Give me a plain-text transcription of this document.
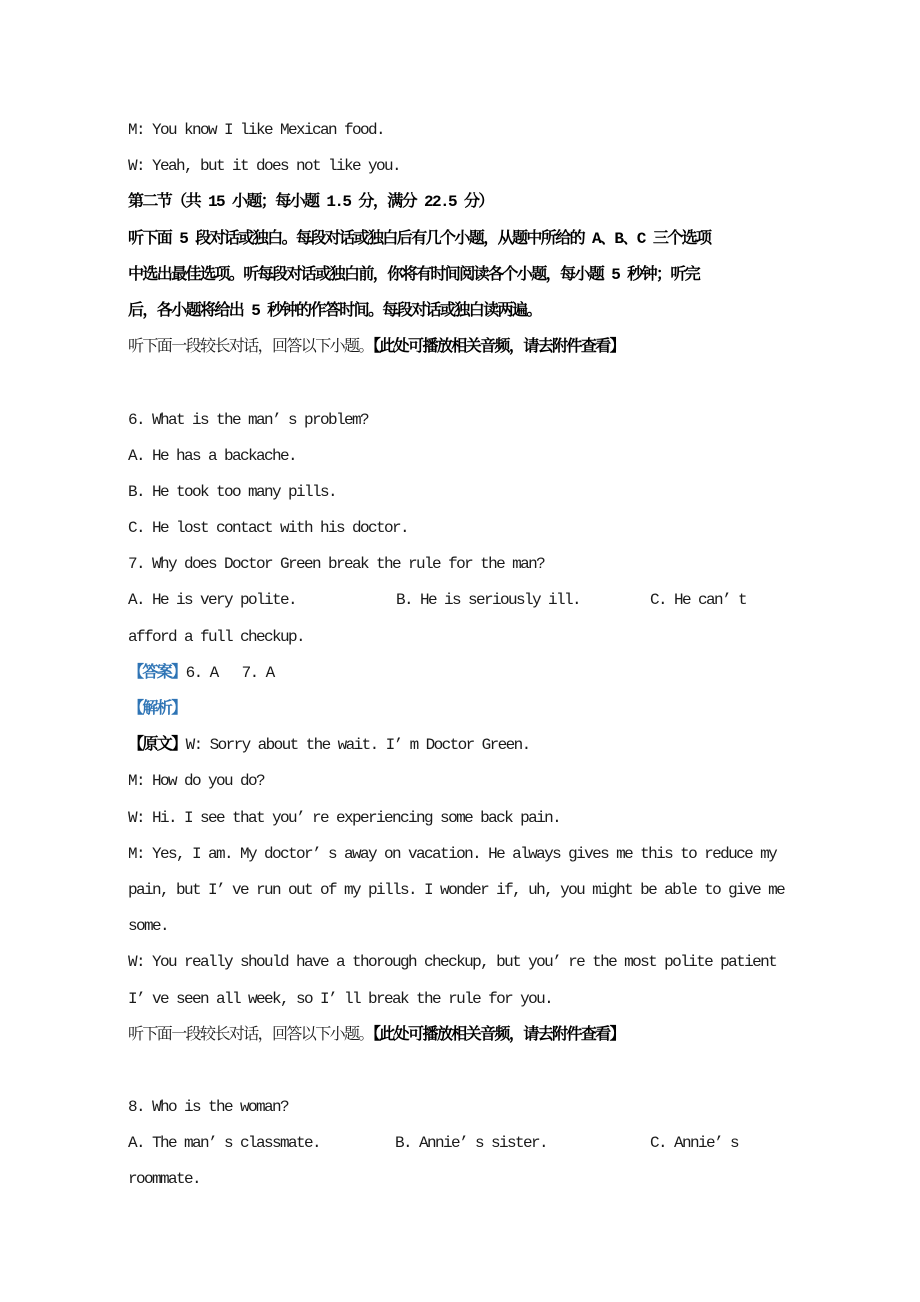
M: You know I like Mexican food.
W: Yeah, but it does not like you.
第二节（共 15 小题；每小题 1.5 分，满分 22.5 分）
听下面 5 段对话或独白。每段对话或独白后有几个小题，从题中所给的 A、B、C 三个选项
中选出最佳选项。听每段对话或独白前，你将有时间阅读各个小题，每小题 5 秒钟；听完
后，各小题将给出 5 秒钟的作答时间。每段对话或独白读两遍。
听下面一段较长对话，回答以下小题。【此处可播放相关音频，请去附件查看】
6. What is the man’ s problem?
A. He has a backache.
B. He took too many pills.
C. He lost contact with his doctor.
7. Why does Doctor Green break the rule for the man?
A. He is very polite.	B. He is seriously ill.	C. He can’ t
afford a full checkup.
【答案】6. A   7. A
【解析】
【原文】W: Sorry about the wait. I’ m Doctor Green.
M: How do you do?
W: Hi. I see that you’ re experiencing some back pain.
M: Yes, I am. My doctor’ s away on vacation. He always gives me this to reduce my
pain, but I’ ve run out of my pills. I wonder if, uh, you might be able to give me
some.
W: You really should have a thorough checkup, but you’ re the most polite patient
I’ ve seen all week, so I’ ll break the rule for you.
听下面一段较长对话，回答以下小题。【此处可播放相关音频，请去附件查看】
8. Who is the woman?
A. The man’ s classmate.	B. Annie’ s sister.	C. Annie’ s
roommate.
